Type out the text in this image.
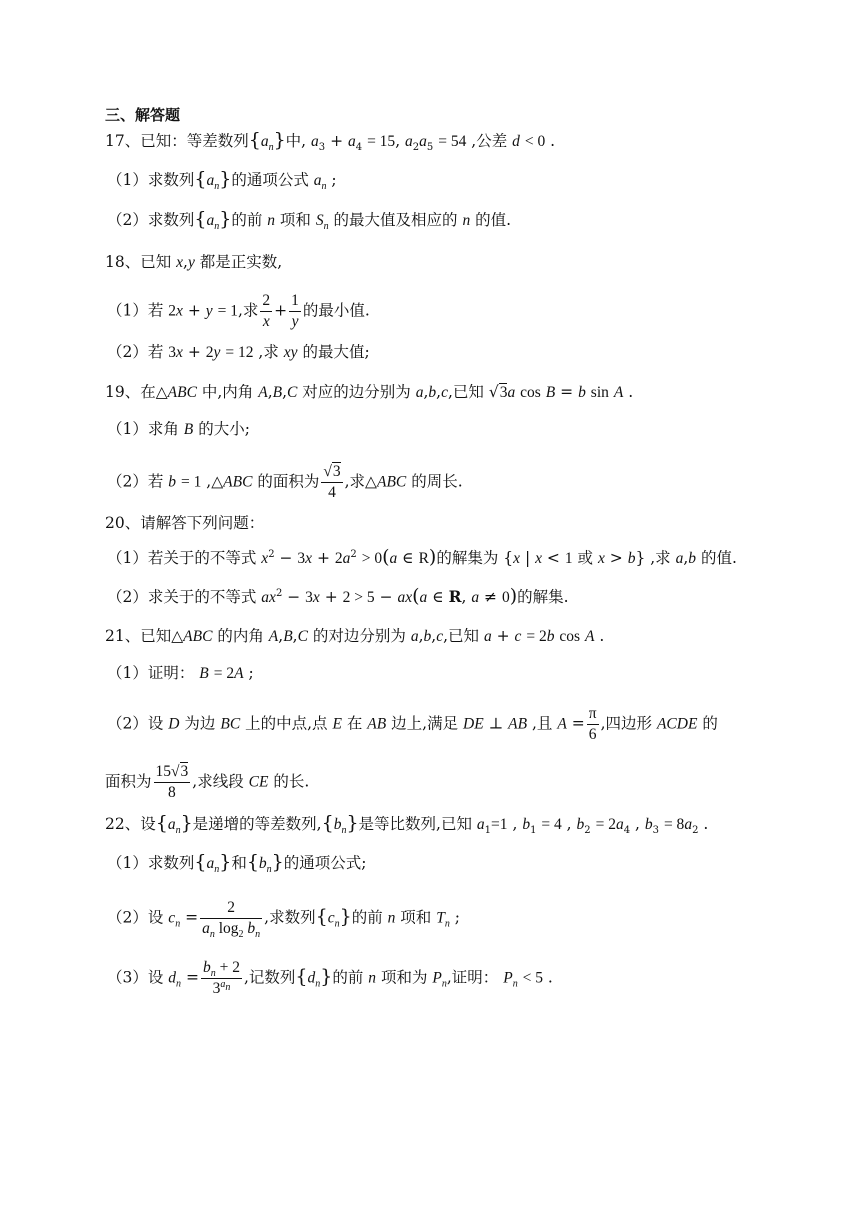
三、解答题
17、已知：等差数列$\{a_n\}$中, $a_3 + a_4 = 15$, $a_2a_5 = 54$ ,公差 d < 0 .
（1）求数列$\{a_n\}$的通项公式 $a_n$ ;
（2）求数列$\{a_n\}$的前 n 项和 $S_n$ 的最大值及相应的 n 的值.
18、已知 x,y 都是正实数,
（1）若 2x + y = 1,求 $\frac{2}{x} + \frac{1}{y}$ 的最小值.
（2）若 3x + 2y = 12 ,求 xy 的最大值;
19、在△ABC 中,内角 A,B,C 对应的边分别为 a,b,c,已知 √3a cos B = b sin A .
（1）求角 B 的大小;
（2）若 b = 1 ,△ABC 的面积为 $\frac{√3}{4}$ ,求△ABC 的周长.
20、请解答下列问题：
（1）若关于的不等式 $x^2 - 3x + 2a^2 > 0(a$ ∈ R)的解集为 {x | x < 1 或 x > b} ,求 a,b 的值.
（2）求关于的不等式 $ax^2 - 3x + 2 > 5 - ax(a$ ∈ R, a ≠ 0)的解集.
21、已知△ABC 的内角 A,B,C 的对边分别为 a,b,c,已知 a + c = 2b cos A .
（1）证明： B = 2A ;
（2）设 D 为边 BC 上的中点,点 E 在 AB 边上,满足 DE ⊥ AB ,且 $A = \frac{\pi}{6}$ ,四边形 ACDE 的
面积为 $\frac{15√3}{8}$ ,求线段 CE 的长.
22、设$\{a_n\}$是递增的等差数列$,\{b_n\}$是等比数列,已知 $a_1=1$ , $b_1 = 4$ , $b_2 = 2a_4$ , $b_3 = 8a_2$ .
（1）求数列$\{a_n\}$和$\{b_n\}$的通项公式;
（2）设 $c_n = \frac{2}{a_n \log_2 b_n}$ ,求数列$\{c_n\}$的前 n 项和 $T_n$ ;
（3）设 $d_n = \frac{b_n + 2}{3^{a_n}}$ ,记数列$\{d_n\}$的前 n 项和为 $P_n$,证明： $P_n < 5$ .
